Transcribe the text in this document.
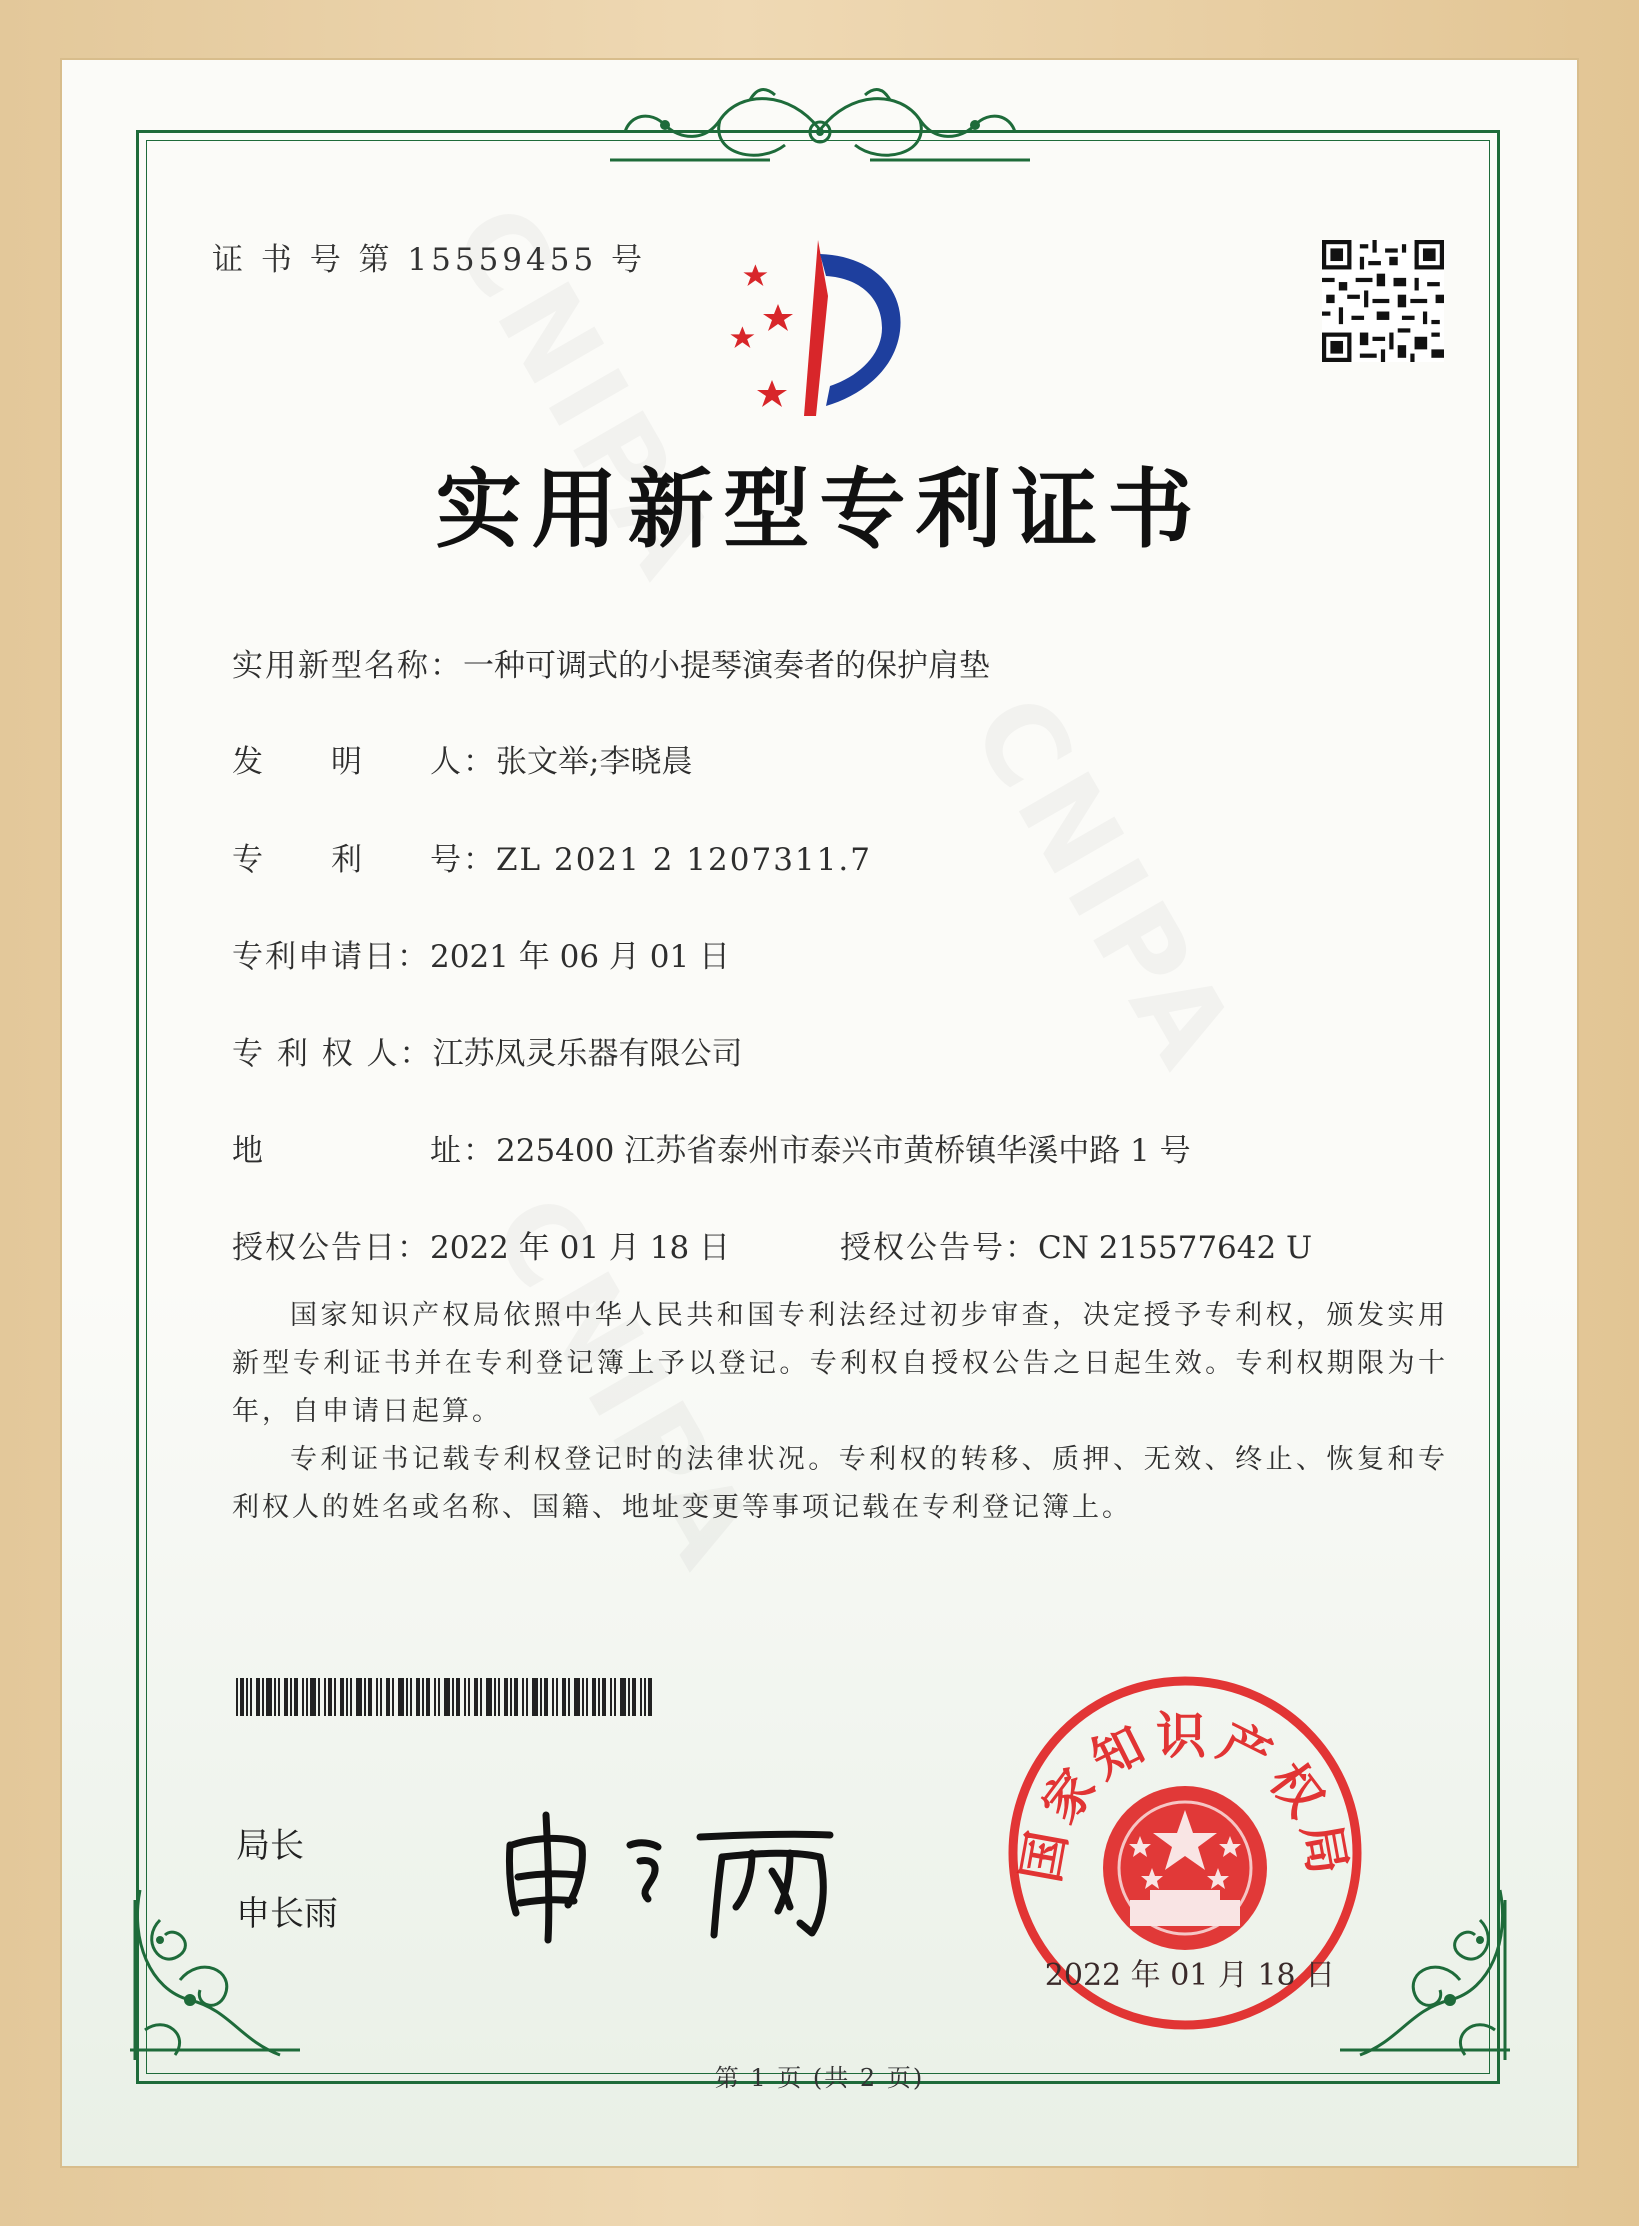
证 书 号 第 15559455 号
实用新型专利证书
实用新型名称：一种可调式的小提琴演奏者的保护肩垫
发　　明　　人：张文举;李晓晨
专　　利　　号：ZL 2021 2 1207311.7
专利申请日：2021 年 06 月 01 日
专 利 权 人：江苏凤灵乐器有限公司
地　　　　　址：225400 江苏省泰州市泰兴市黄桥镇华溪中路 1 号
授权公告日：2022 年 01 月 18 日	授权公告号：CN 215577642 U
国家知识产权局依照中华人民共和国专利法经过初步审查，决定授予专利权，颁发实用新型专利证书并在专利登记簿上予以登记。专利权自授权公告之日起生效。专利权期限为十年，自申请日起算。
专利证书记载专利权登记时的法律状况。专利权的转移、质押、无效、终止、恢复和专利权人的姓名或名称、国籍、地址变更等事项记载在专利登记簿上。
局长
申长雨
国家知识产权局
2022 年 01 月 18 日
第 1 页 (共 2 页)
